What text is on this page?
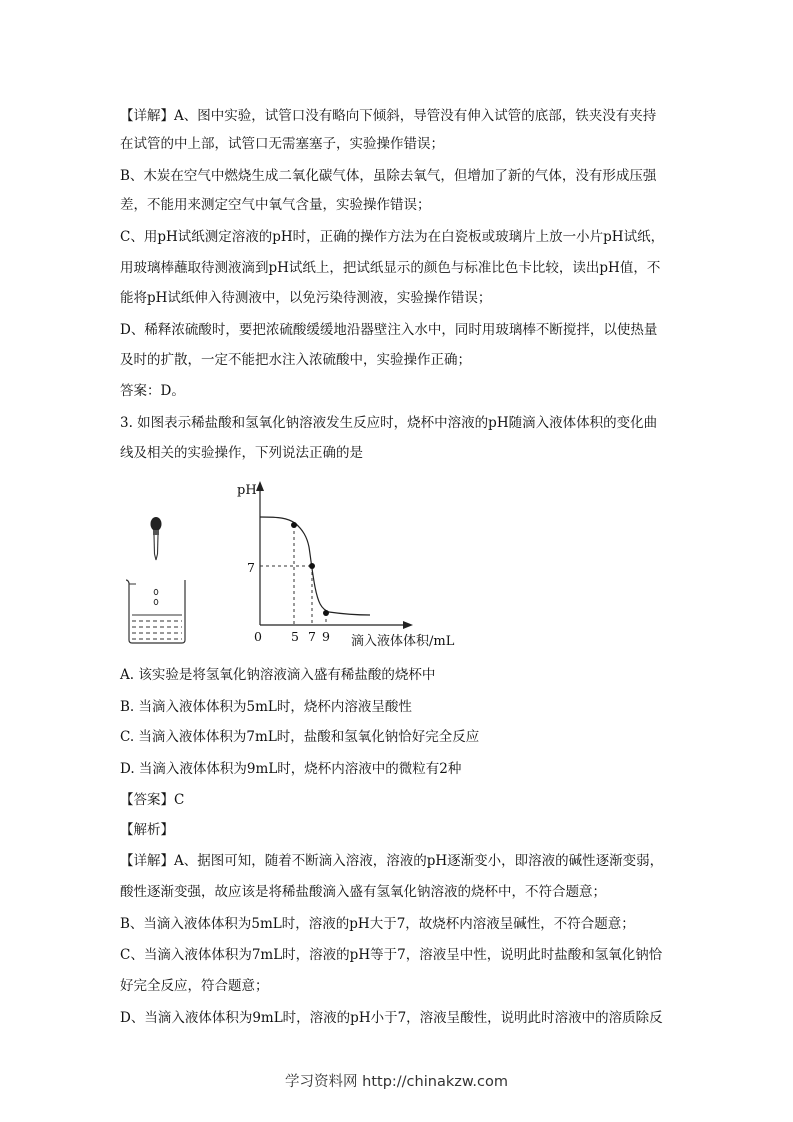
【详解】A、图中实验，试管口没有略向下倾斜，导管没有伸入试管的底部，铁夹没有夹持
在试管的中上部，试管口无需塞塞子，实验操作错误；
B、木炭在空气中燃烧生成二氧化碳气体，虽除去氧气，但增加了新的气体，没有形成压强
差，不能用来测定空气中氧气含量，实验操作错误；
C、用pH试纸测定溶液的pH时，正确的操作方法为在白瓷板或玻璃片上放一小片pH试纸，
用玻璃棒蘸取待测液滴到pH试纸上，把试纸显示的颜色与标准比色卡比较，读出pH值，不
能将pH试纸伸入待测液中，以免污染待测液，实验操作错误；
D、稀释浓硫酸时，要把浓硫酸缓缓地沿器壁注入水中，同时用玻璃棒不断搅拌，以使热量
及时的扩散，一定不能把水注入浓硫酸中，实验操作正确；
答案：D。
3. 如图表示稀盐酸和氢氧化钠溶液发生反应时，烧杯中溶液的pH随滴入液体体积的变化曲
线及相关的实验操作，下列说法正确的是
pH
0	滴入液体体积/mL
7
5 7 9
A. 该实验是将氢氧化钠溶液滴入盛有稀盐酸的烧杯中
B. 当滴入液体体积为5mL时，烧杯内溶液呈酸性
C. 当滴入液体体积为7mL时，盐酸和氢氧化钠恰好完全反应
D. 当滴入液体体积为9mL时，烧杯内溶液中的微粒有2种
【答案】C
【解析】
【详解】A、据图可知，随着不断滴入溶液，溶液的pH逐渐变小，即溶液的碱性逐渐变弱，
酸性逐渐变强，故应该是将稀盐酸滴入盛有氢氧化钠溶液的烧杯中，不符合题意；
B、当滴入液体体积为5mL时，溶液的pH大于7，故烧杯内溶液呈碱性，不符合题意；
C、当滴入液体体积为7mL时，溶液的pH等于7，溶液呈中性，说明此时盐酸和氢氧化钠恰
好完全反应，符合题意；
D、当滴入液体体积为9mL时，溶液的pH小于7，溶液呈酸性，说明此时溶液中的溶质除反
学习资料网 http://chinakzw.com
